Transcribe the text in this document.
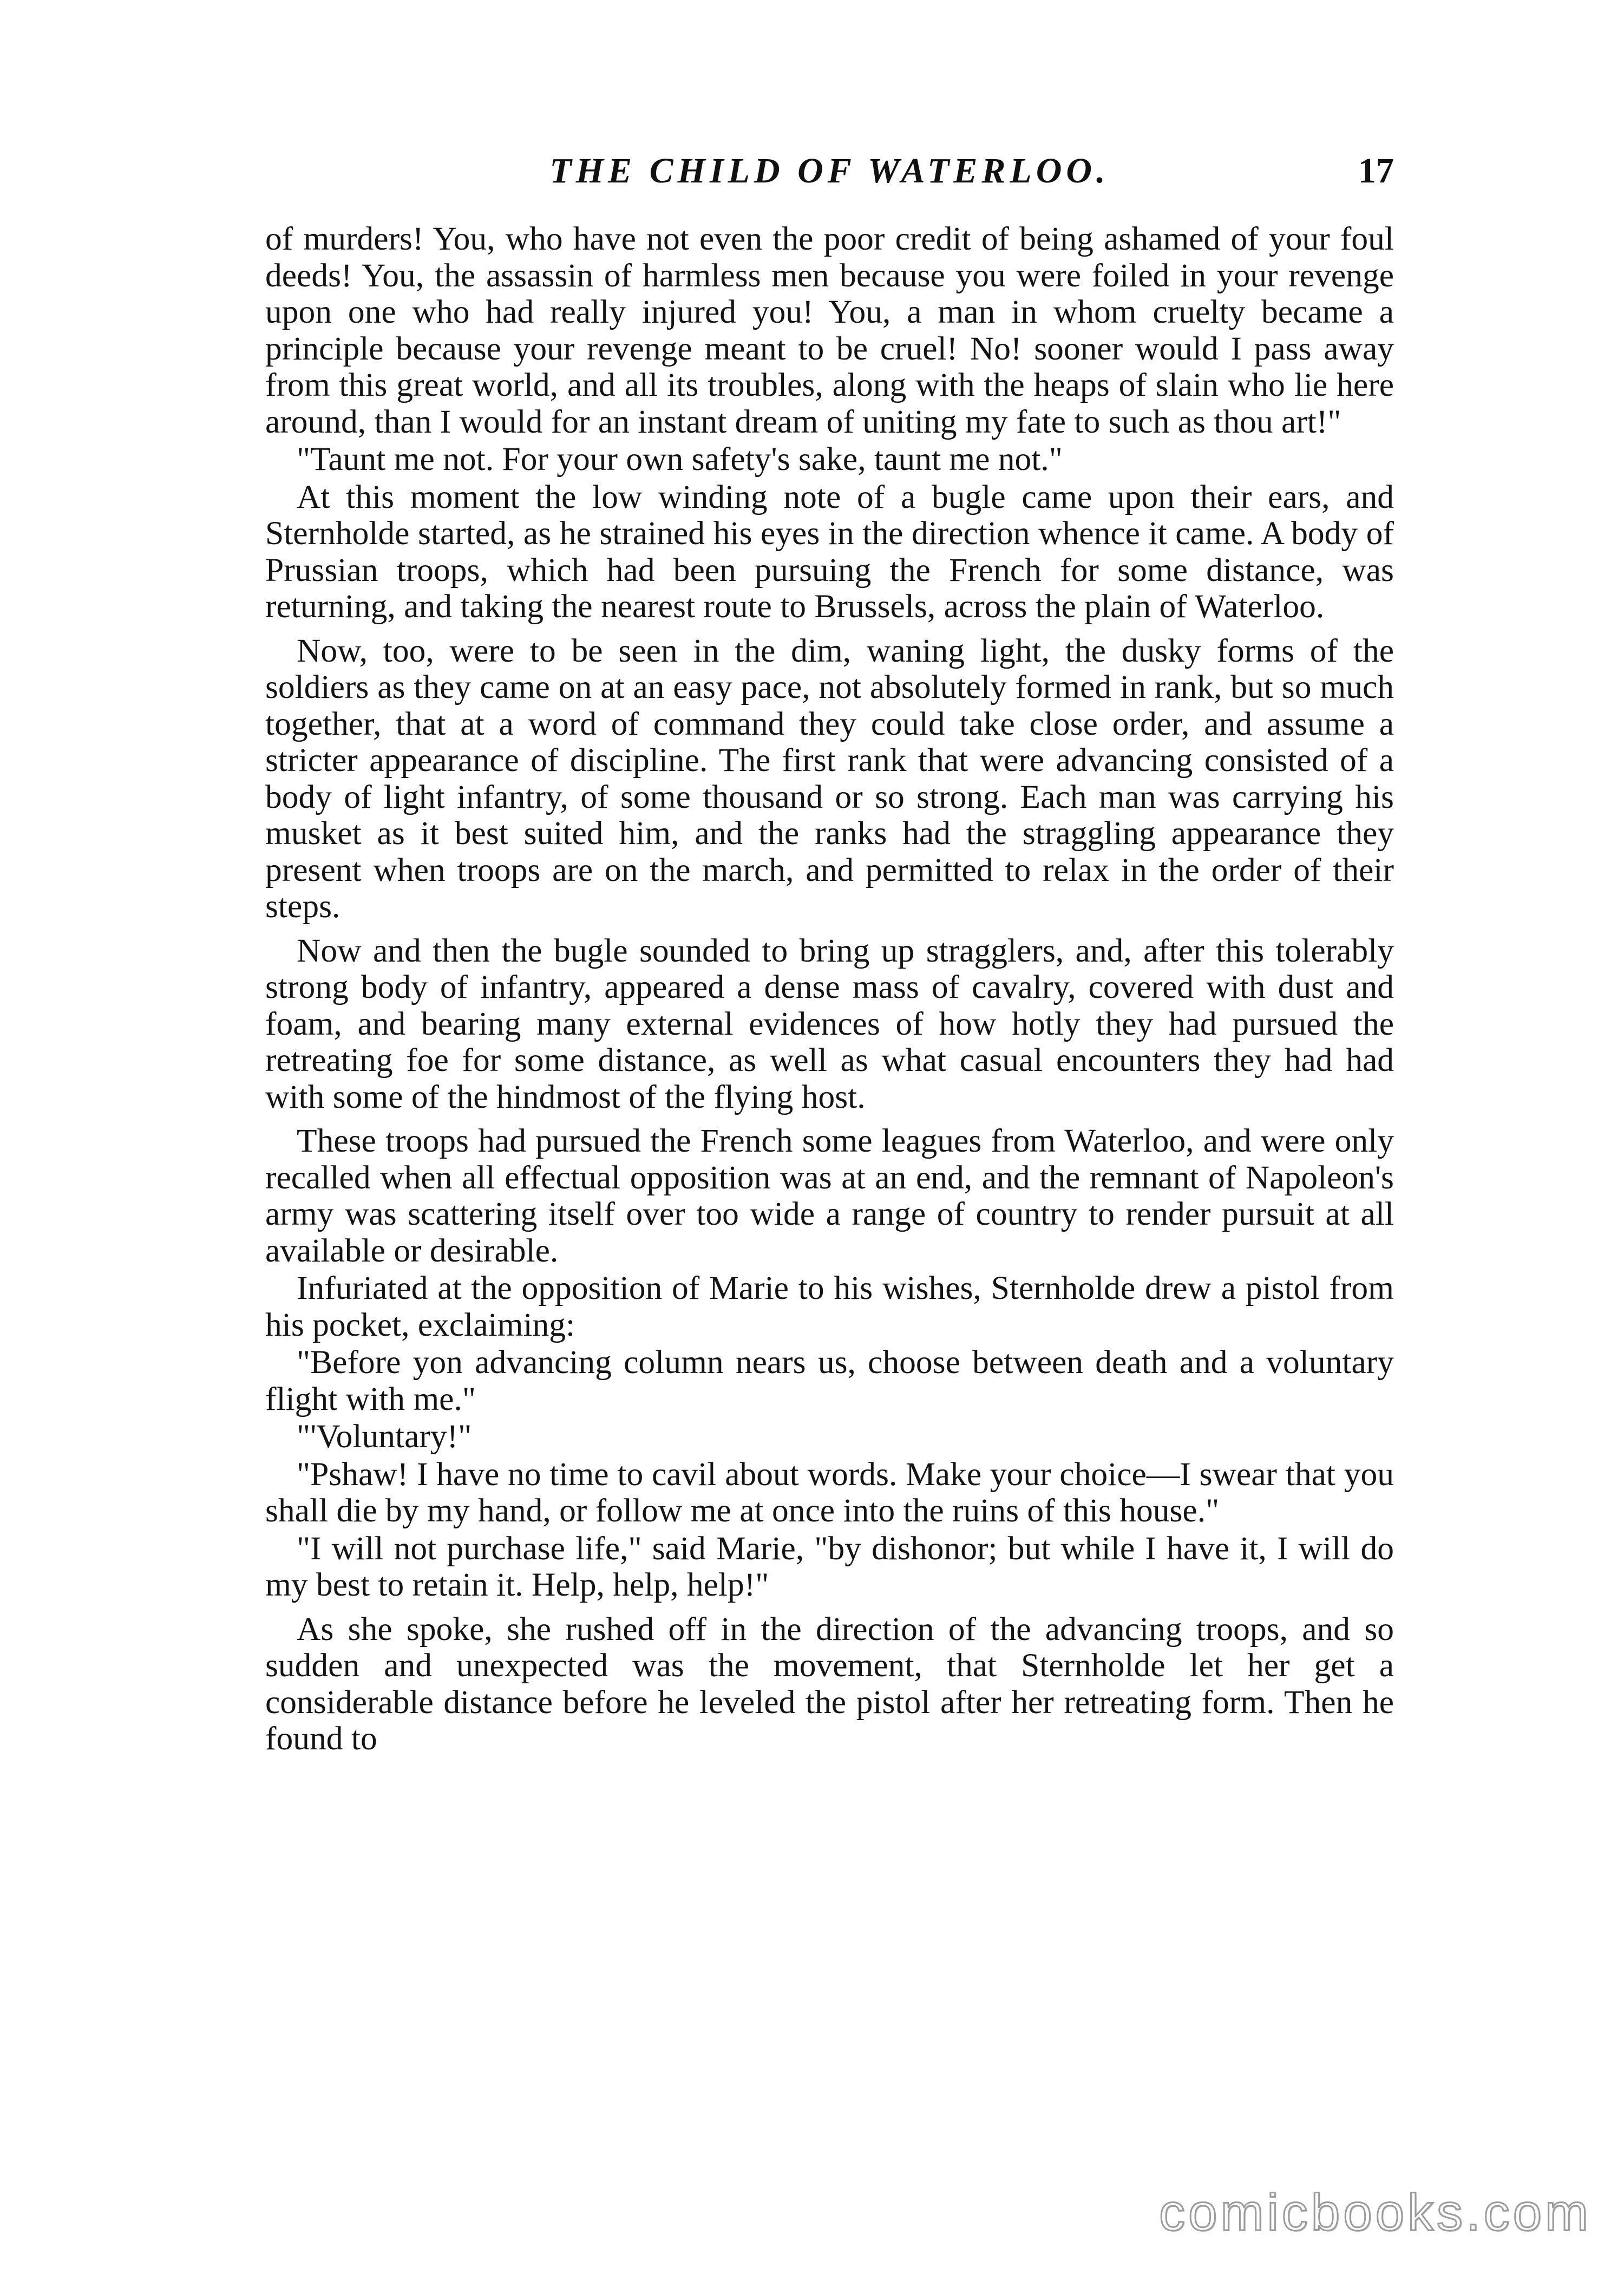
THE CHILD OF WATERLOO.	17

of murders! You, who have not even the poor credit of being ashamed of your foul deeds! You, the assassin of harmless men because you were foiled in your revenge upon one who had really injured you! You, a man in whom cruelty became a principle because your revenge meant to be cruel! No! sooner would I pass away from this great world, and all its troubles, along with the heaps of slain who lie here around, than I would for an instant dream of uniting my fate to such as thou art!"

"Taunt me not. For your own safety's sake, taunt me not."

At this moment the low winding note of a bugle came upon their ears, and Sternholde started, as he strained his eyes in the direction whence it came. A body of Prussian troops, which had been pursuing the French for some distance, was returning, and taking the nearest route to Brussels, across the plain of Waterloo.

Now, too, were to be seen in the dim, waning light, the dusky forms of the soldiers as they came on at an easy pace, not absolutely formed in rank, but so much together, that at a word of command they could take close order, and assume a stricter appearance of discipline. The first rank that were advancing consisted of a body of light infantry, of some thousand or so strong. Each man was carrying his musket as it best suited him, and the ranks had the straggling appearance they present when troops are on the march, and permitted to relax in the order of their steps.

Now and then the bugle sounded to bring up stragglers, and, after this tolerably strong body of infantry, appeared a dense mass of cavalry, covered with dust and foam, and bearing many external evidences of how hotly they had pursued the retreating foe for some distance, as well as what casual encounters they had had with some of the hindmost of the flying host.

These troops had pursued the French some leagues from Waterloo, and were only recalled when all effectual opposition was at an end, and the remnant of Napoleon's army was scattering itself over too wide a range of country to render pursuit at all available or desirable.

Infuriated at the opposition of Marie to his wishes, Sternholde drew a pistol from his pocket, exclaiming:

"Before yon advancing column nears us, choose between death and a voluntary flight with me."

"'Voluntary!"

"Pshaw! I have no time to cavil about words. Make your choice—I swear that you shall die by my hand, or follow me at once into the ruins of this house."

"I will not purchase life," said Marie, "by dishonor; but while I have it, I will do my best to retain it. Help, help, help!"

As she spoke, she rushed off in the direction of the advancing troops, and so sudden and unexpected was the movement, that Sternholde let her get a considerable distance before he leveled the pistol after her retreating form. Then he found to

comicbooks.com
